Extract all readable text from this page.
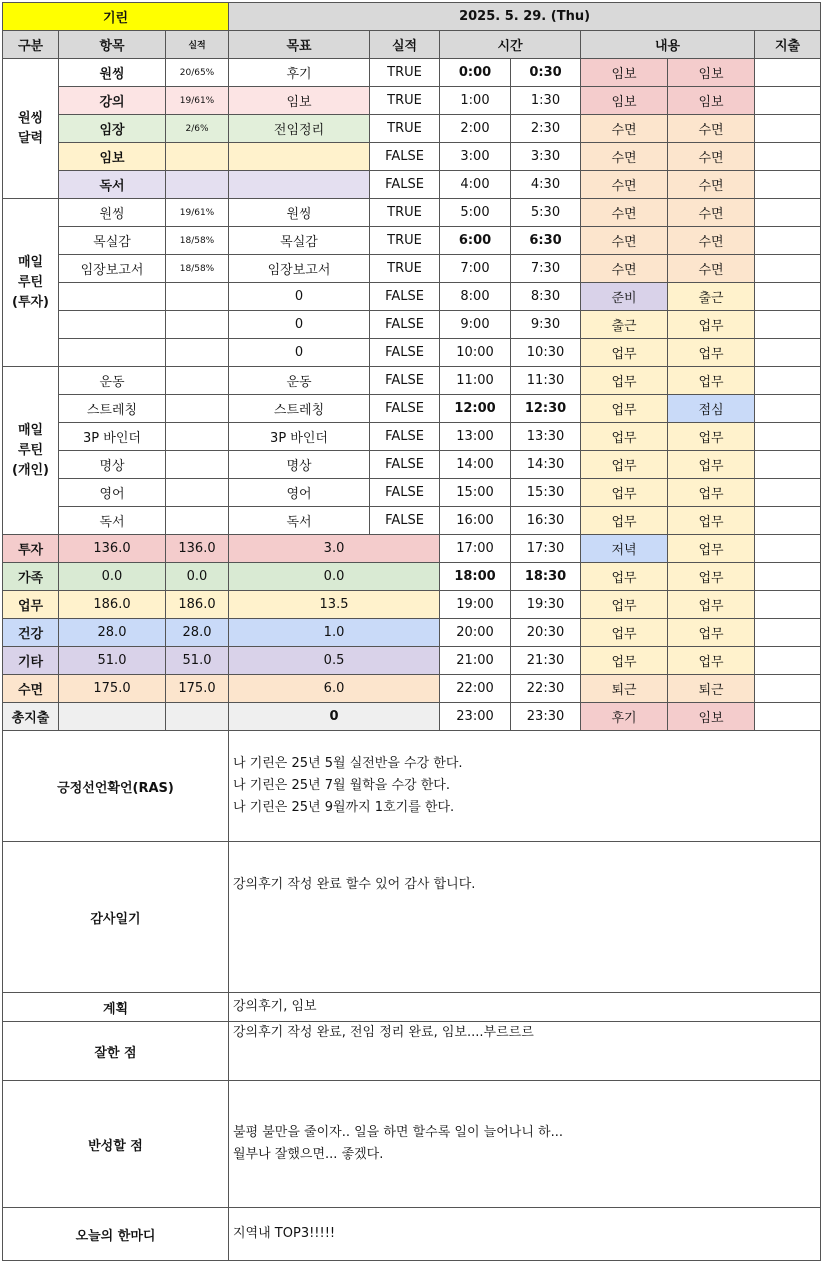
기린			2025. 5. 29. (Thu)						
구분	항목	실적	목표	실적	시간		내용		지출
원씽 달력	원씽	20/65%	후기	TRUE	0:00	0:30	임보	임보	
	강의	19/61%	임보	TRUE	1:00	1:30	임보	임보	
	임장	2/6%	전임정리	TRUE	2:00	2:30	수면	수면	
	임보			FALSE	3:00	3:30	수면	수면	
	독서			FALSE	4:00	4:30	수면	수면	
매일 루틴 (투자)	원씽	19/61%	원씽	TRUE	5:00	5:30	수면	수면	
	목실감	18/58%	목실감	TRUE	6:00	6:30	수면	수면	
	임장보고서	18/58%	임장보고서	TRUE	7:00	7:30	수면	수면	
			0	FALSE	8:00	8:30	준비	출근	
			0	FALSE	9:00	9:30	출근	업무	
			0	FALSE	10:00	10:30	업무	업무	
매일 루틴 (개인)	운동		운동	FALSE	11:00	11:30	업무	업무	
	스트레칭		스트레칭	FALSE	12:00	12:30	업무	점심	
	3P 바인더		3P 바인더	FALSE	13:00	13:30	업무	업무	
	명상		명상	FALSE	14:00	14:30	업무	업무	
	영어		영어	FALSE	15:00	15:30	업무	업무	
	독서		독서	FALSE	16:00	16:30	업무	업무	
투자	136.0	136.0	3.0		17:00	17:30	저녁	업무	
가족	0.0	0.0	0.0		18:00	18:30	업무	업무	
업무	186.0	186.0	13.5		19:00	19:30	업무	업무	
건강	28.0	28.0	1.0		20:00	20:30	업무	업무	
기타	51.0	51.0	0.5		21:00	21:30	업무	업무	
수면	175.0	175.0	6.0		22:00	22:30	퇴근	퇴근	
총지출			0		23:00	23:30	후기	임보	
긍정선언확언(RAS)	나 기린은 25년 5월 실전반을 수강 한다.
나 기린은 25년 7월 월학을 수강 한다.
나 기린은 25년 9월까지 1호기를 한다.

감사일기	강의후기 작성 완료 할수 있어 감사 합니다.
계획	강의후기, 임보
잘한 점	강의후기 작성 완료, 전임 정리 완료, 임보....부르르르
반성할 점	불평 불만을 줄이자.. 일을 하면 할수록 일이 늘어나니 하...
월부나 잘했으면... 좋겠다.

오늘의 한마디	지역내 TOP3!!!!!
